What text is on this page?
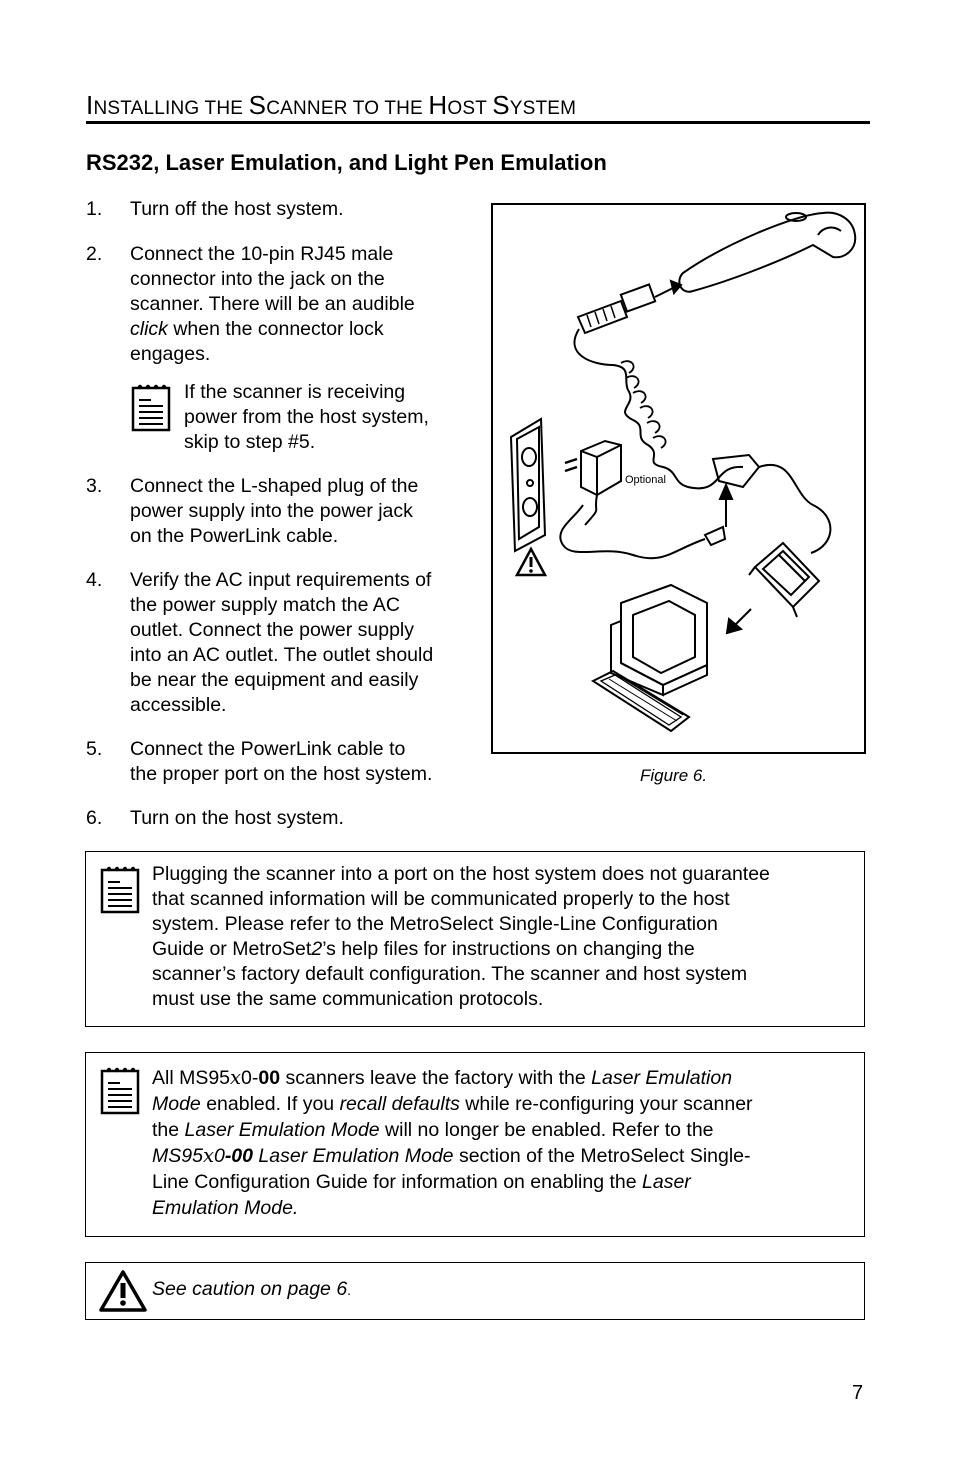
INSTALLING THE SCANNER TO THE HOST SYSTEM
RS232, Laser Emulation, and Light Pen Emulation
1.	Turn off the host system.
2.	Connect the 10-pin RJ45 male
connector into the jack on the
scanner. There will be an audible
click when the connector lock
engages.
If the scanner is receiving
power from the host system,
skip to step #5.
3.	Connect the L-shaped plug of the
power supply into the power jack
on the PowerLink cable.
4.	Verify the AC input requirements of
the power supply match the AC
outlet. Connect the power supply
into an AC outlet. The outlet should
be near the equipment and easily
accessible.
5.	Connect the PowerLink cable to
the proper port on the host system.
6.	Turn on the host system.
Optional
Figure 6.
Plugging the scanner into a port on the host system does not guarantee
that scanned information will be communicated properly to the host
system. Please refer to the MetroSelect Single-Line Configuration
Guide or MetroSet2’s help files for instructions on changing the
scanner’s factory default configuration. The scanner and host system
must use the same communication protocols.
All MS95x0-00 scanners leave the factory with the Laser Emulation
Mode enabled. If you recall defaults while re-configuring your scanner
the Laser Emulation Mode will no longer be enabled. Refer to the
MS95x0-00 Laser Emulation Mode section of the MetroSelect Single-
Line Configuration Guide for information on enabling the Laser
Emulation Mode.
See caution on page 6.
7
